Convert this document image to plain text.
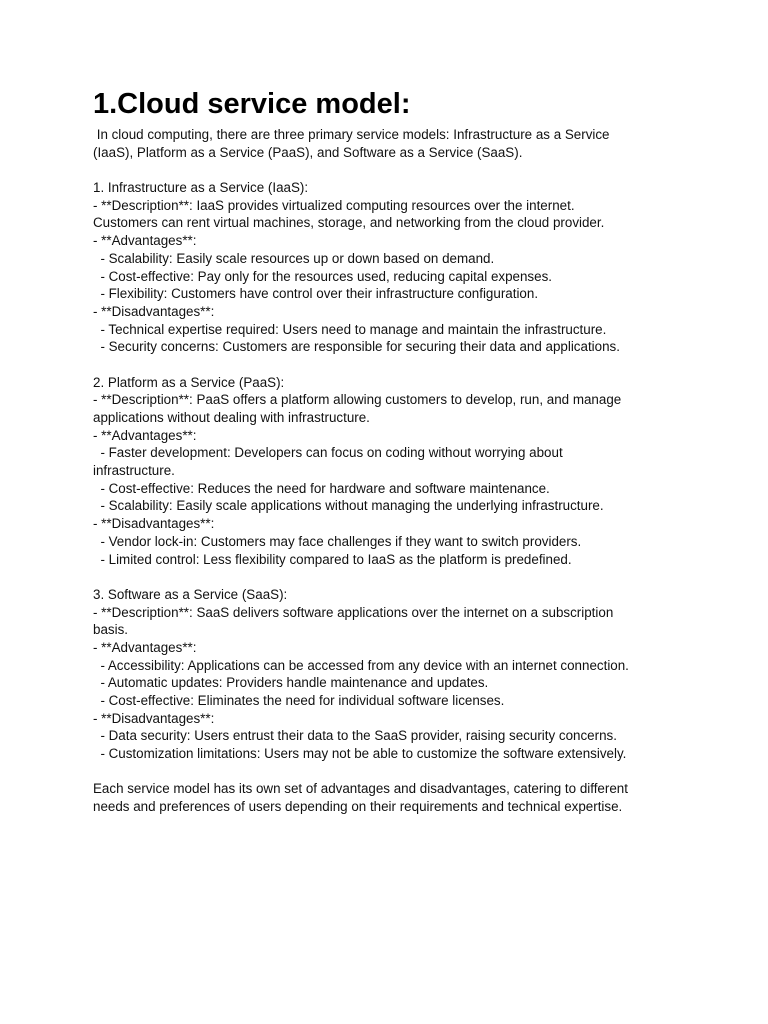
1.Cloud service model:
In cloud computing, there are three primary service models: Infrastructure as a Service
(IaaS), Platform as a Service (PaaS), and Software as a Service (SaaS).
1. Infrastructure as a Service (IaaS):
- **Description**: IaaS provides virtualized computing resources over the internet.
Customers can rent virtual machines, storage, and networking from the cloud provider.
- **Advantages**:
- Scalability: Easily scale resources up or down based on demand.
- Cost-effective: Pay only for the resources used, reducing capital expenses.
- Flexibility: Customers have control over their infrastructure configuration.
- **Disadvantages**:
- Technical expertise required: Users need to manage and maintain the infrastructure.
- Security concerns: Customers are responsible for securing their data and applications.
2. Platform as a Service (PaaS):
- **Description**: PaaS offers a platform allowing customers to develop, run, and manage
applications without dealing with infrastructure.
- **Advantages**:
- Faster development: Developers can focus on coding without worrying about
infrastructure.
- Cost-effective: Reduces the need for hardware and software maintenance.
- Scalability: Easily scale applications without managing the underlying infrastructure.
- **Disadvantages**:
- Vendor lock-in: Customers may face challenges if they want to switch providers.
- Limited control: Less flexibility compared to IaaS as the platform is predefined.
3. Software as a Service (SaaS):
- **Description**: SaaS delivers software applications over the internet on a subscription
basis.
- **Advantages**:
- Accessibility: Applications can be accessed from any device with an internet connection.
- Automatic updates: Providers handle maintenance and updates.
- Cost-effective: Eliminates the need for individual software licenses.
- **Disadvantages**:
- Data security: Users entrust their data to the SaaS provider, raising security concerns.
- Customization limitations: Users may not be able to customize the software extensively.
Each service model has its own set of advantages and disadvantages, catering to different
needs and preferences of users depending on their requirements and technical expertise.
